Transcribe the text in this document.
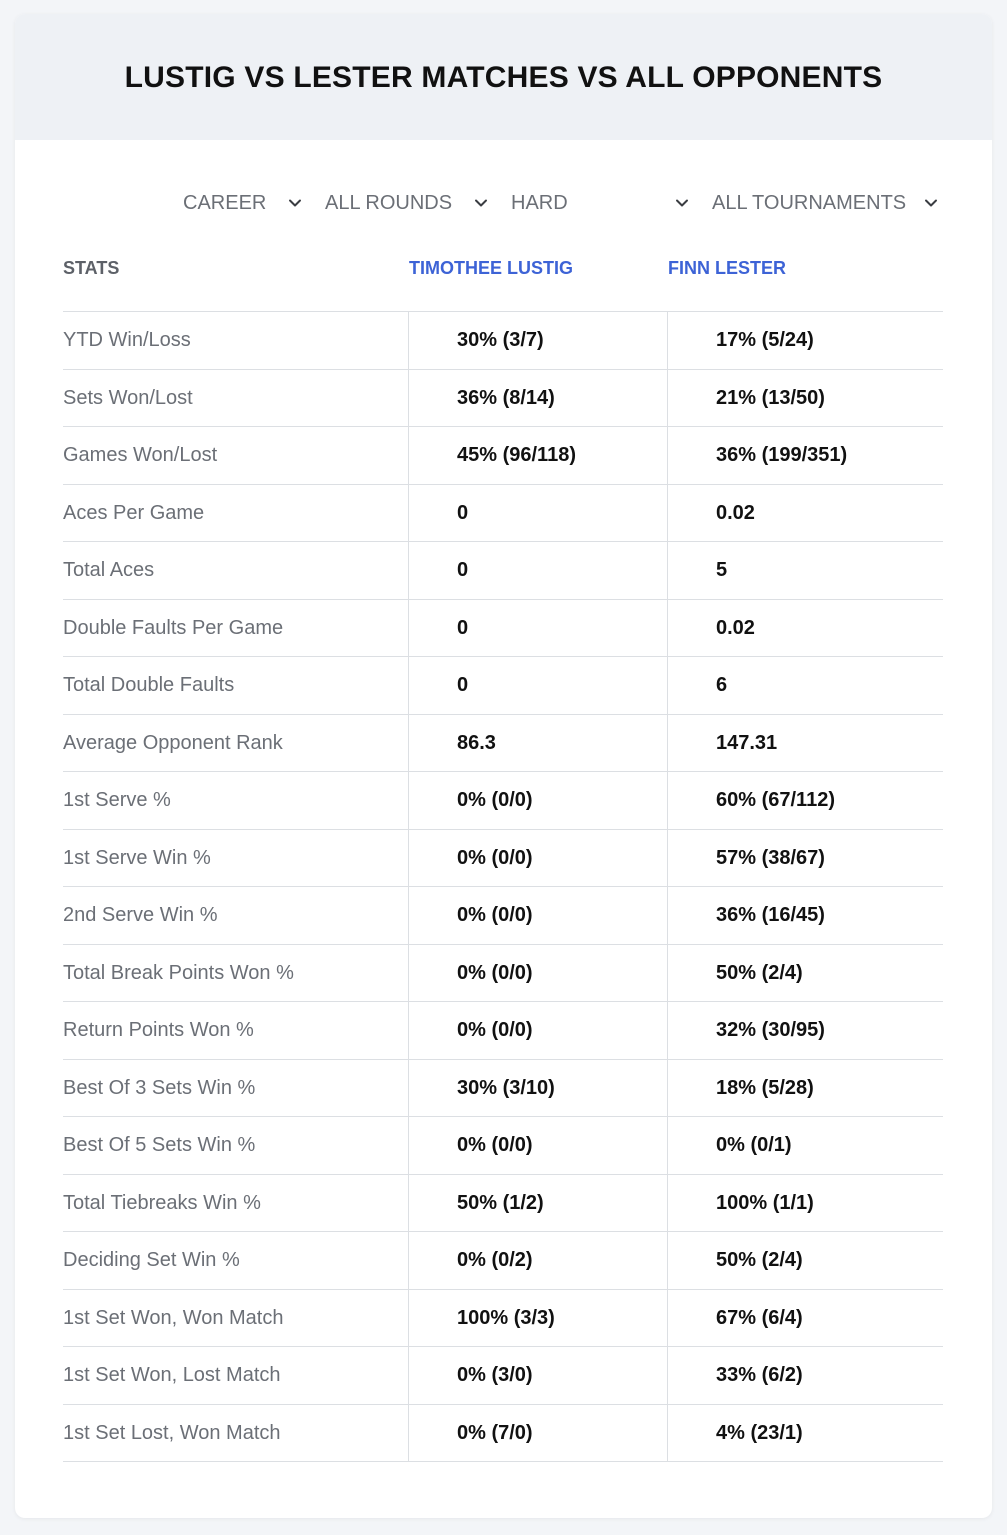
LUSTIG VS LESTER MATCHES VS ALL OPPONENTS
CAREER	ALL ROUNDS	HARD	ALL TOURNAMENTS
STATS	TIMOTHEE LUSTIG	FINN LESTER
YTD Win/Loss	30% (3/7)	17% (5/24)
Sets Won/Lost	36% (8/14)	21% (13/50)
Games Won/Lost	45% (96/118)	36% (199/351)
Aces Per Game	0	0.02
Total Aces	0	5
Double Faults Per Game	0	0.02
Total Double Faults	0	6
Average Opponent Rank	86.3	147.31
1st Serve %	0% (0/0)	60% (67/112)
1st Serve Win %	0% (0/0)	57% (38/67)
2nd Serve Win %	0% (0/0)	36% (16/45)
Total Break Points Won %	0% (0/0)	50% (2/4)
Return Points Won %	0% (0/0)	32% (30/95)
Best Of 3 Sets Win %	30% (3/10)	18% (5/28)
Best Of 5 Sets Win %	0% (0/0)	0% (0/1)
Total Tiebreaks Win %	50% (1/2)	100% (1/1)
Deciding Set Win %	0% (0/2)	50% (2/4)
1st Set Won, Won Match	100% (3/3)	67% (6/4)
1st Set Won, Lost Match	0% (3/0)	33% (6/2)
1st Set Lost, Won Match	0% (7/0)	4% (23/1)
